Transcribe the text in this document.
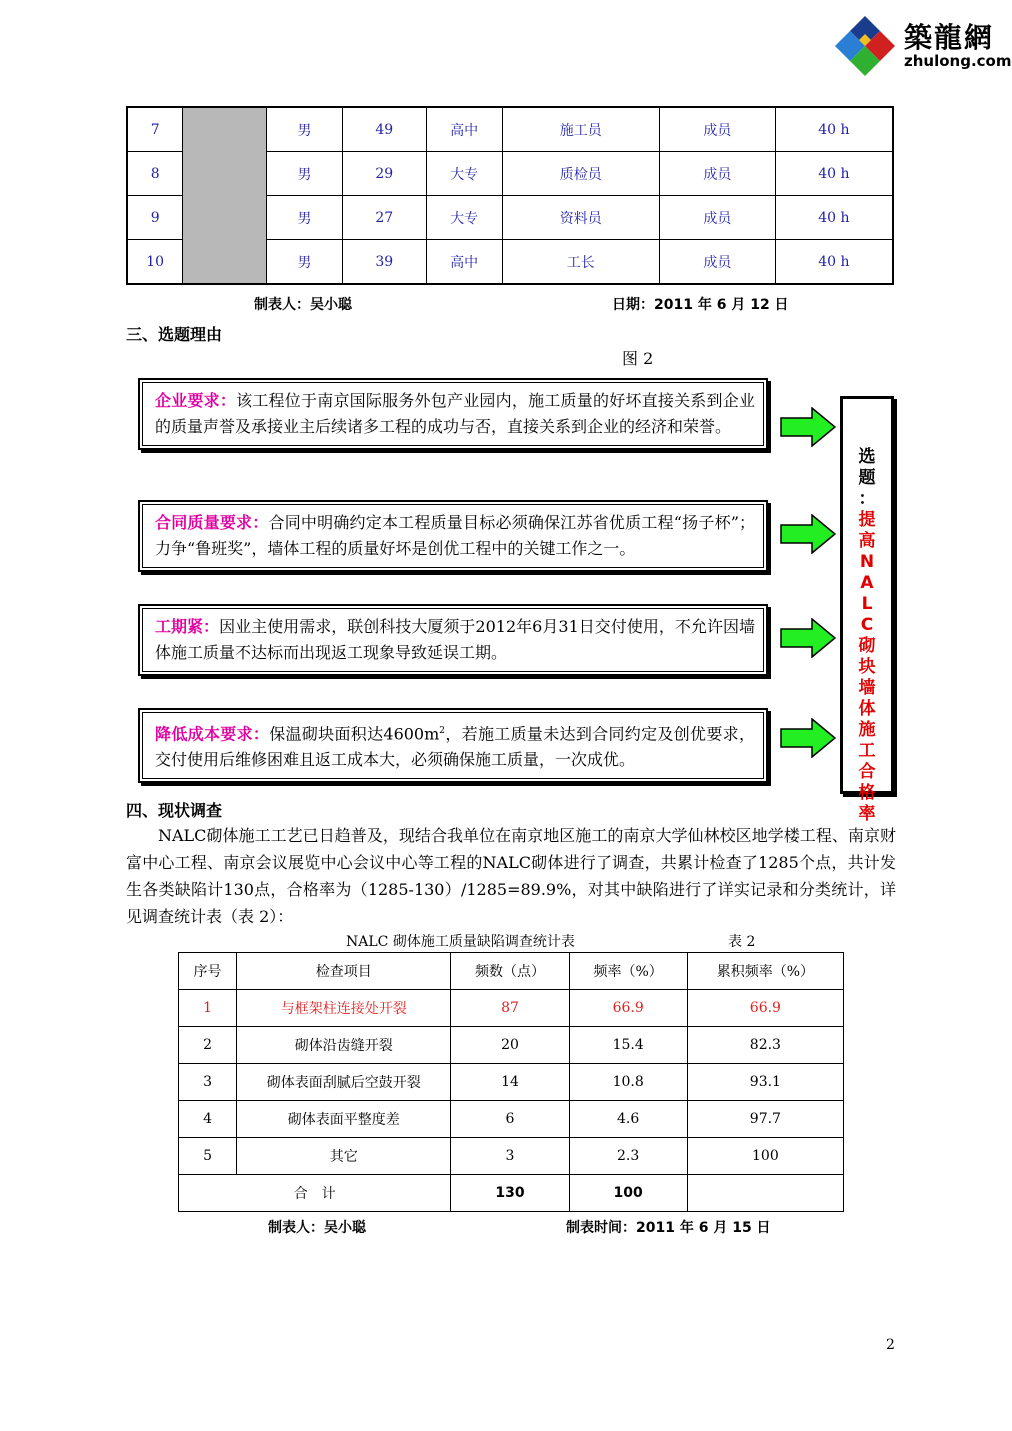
築龍網
zhulong.com
7		男	49	高中	施工员	成员	40 h
8		男	29	大专	质检员	成员	40 h
9		男	27	大专	资料员	成员	40 h
10		男	39	高中	工长	成员	40 h
制表人：吴小聪	日期：2011 年 6 月 12 日
三、选题理由
图 2
企业要求：该工程位于南京国际服务外包产业园内，施工质量的好坏直接关系到企业的质量声誉及承接业主后续诸多工程的成功与否，直接关系到企业的经济和荣誉。
合同质量要求：合同中明确约定本工程质量目标必须确保江苏省优质工程“扬子杯”；力争“鲁班奖”，墙体工程的质量好坏是创优工程中的关键工作之一。
工期紧：因业主使用需求，联创科技大厦须于2012年6月31日交付使用，不允许因墙体施工质量不达标而出现返工现象导致延误工期。
降低成本要求：保温砌块面积达$4600m^2$，若施工质量未达到合同约定及创优要求，交付使用后维修困难且返工成本大，必须确保施工质量，一次成优。
选
题
：
提
高
N
A
L
C
砌
块
墙
体
施
工
合
格
率
四、现状调查

NALC砌体施工工艺已日趋普及，现结合我单位在南京地区施工的南京大学仙林校区地学楼工程、南京财富中心工程、南京会议展览中心会议中心等工程的NALC砌体进行了调查，共累计检查了1285个点，共计发生各类缺陷计130点，合格率为（1285-130）/1285=89.9%，对其中缺陷进行了详实记录和分类统计，详见调查统计表（表 2）：

NALC 砌体施工质量缺陷调查统计表	表 2
序号	检查项目	频数（点）	频率（%）	累积频率（%）
1	与框架柱连接处开裂	87	66.9	66.9
2	砌体沿齿缝开裂	20	15.4	82.3
3	砌体表面刮腻后空鼓开裂	14	10.8	93.1
4	砌体表面平整度差	6	4.6	97.7
5	其它	3	2.3	100
合　计		130	100	
制表人：吴小聪	制表时间：2011 年 6 月 15 日
2
